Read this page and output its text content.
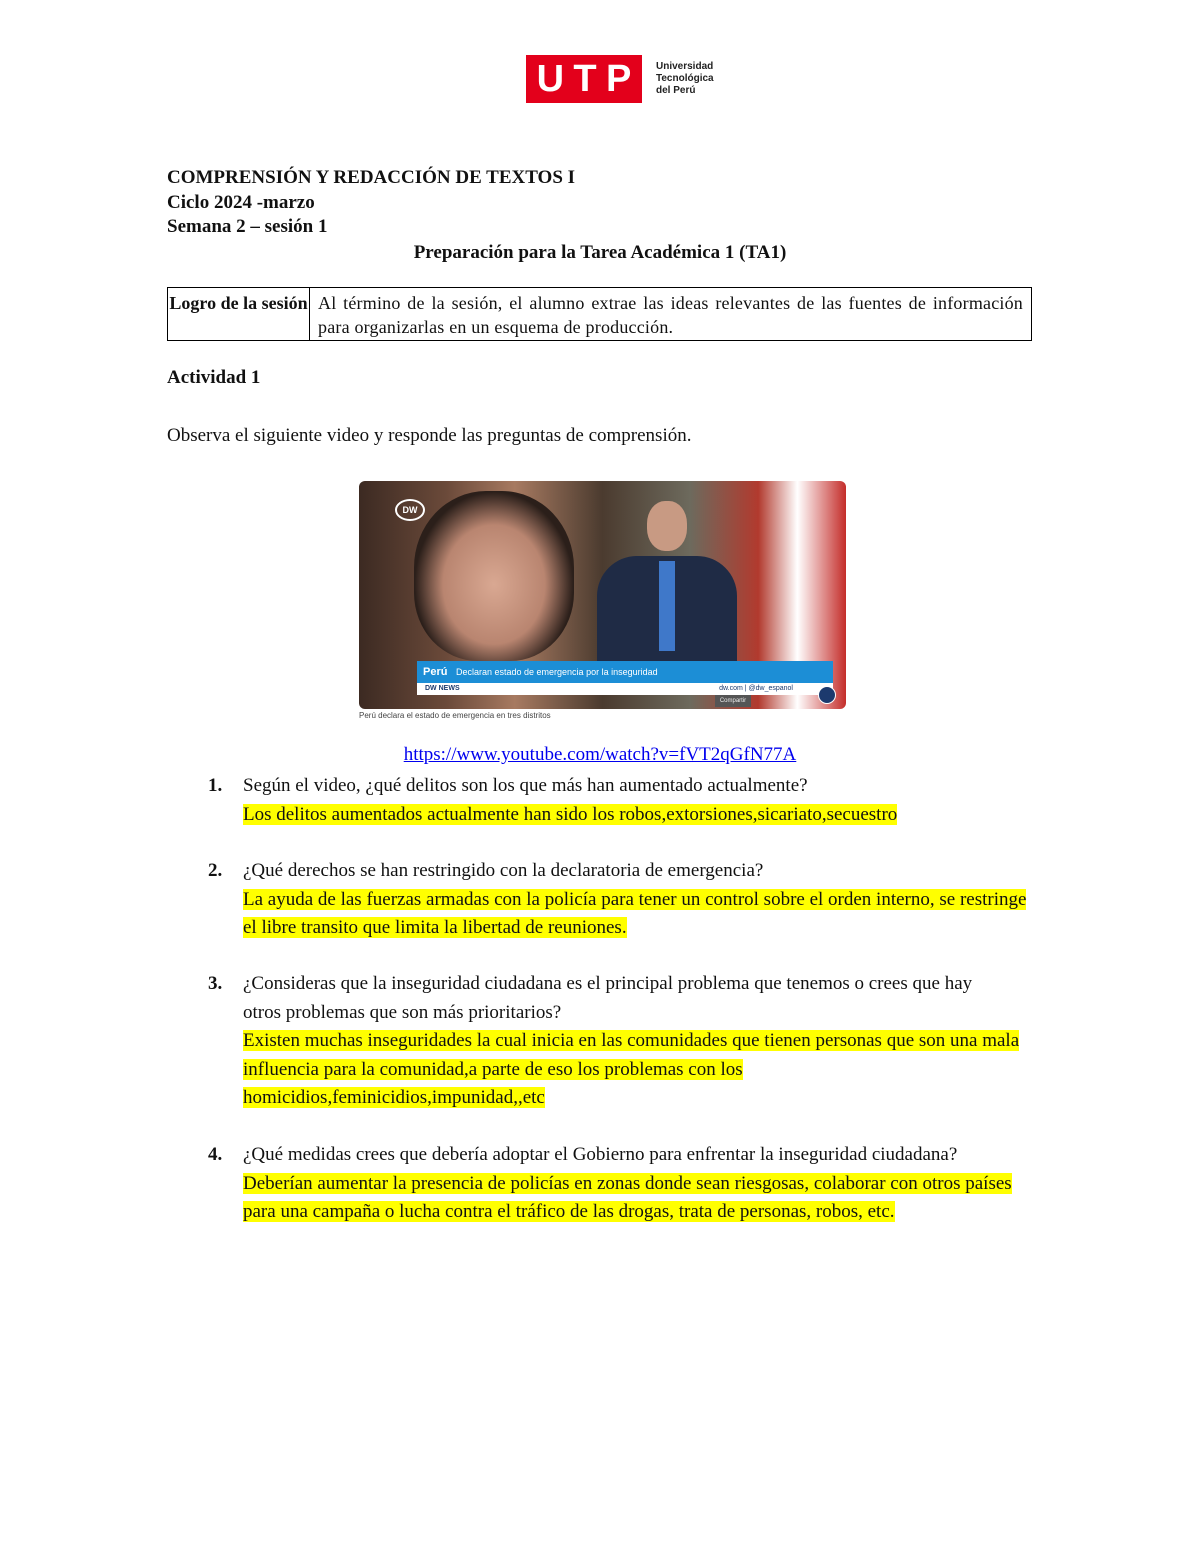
U T P Universidad
Tecnológica
del Perú
COMPRENSIÓN Y REDACCIÓN DE TEXTOS I
Ciclo 2024 -marzo
Semana 2 – sesión 1
Preparación para la Tarea Académica 1 (TA1)
Logro de la sesión Al término de la sesión, el alumno extrae las ideas relevantes de las fuentes de información para organizarlas en un esquema de producción.
Actividad 1
Observa el siguiente video y responde las preguntas de comprensión.
DW
Perú Declaran estado de emergencia por la inseguridad
DW NEWS	dw.com | @dw_espanol
Compartir
Perú declara el estado de emergencia en tres distritos
https://www.youtube.com/watch?v=fVT2qGfN77A
1. Según el video, ¿qué delitos son los que más han aumentado actualmente?
Los delitos aumentados actualmente han sido los robos,extorsiones,sicariato,secuestro
2. ¿Qué derechos se han restringido con la declaratoria de emergencia?
La ayuda de las fuerzas armadas con la policía para tener un control sobre el orden interno, se restringe el libre transito que limita la libertad de reuniones.
3. ¿Consideras que la inseguridad ciudadana es el principal problema que tenemos o crees que hay otros problemas que son más prioritarios?
Existen muchas inseguridades la cual inicia en las comunidades que tienen personas que son una mala influencia para la comunidad,a parte de eso los problemas con los homicidios,feminicidios,impunidad,,etc
4. ¿Qué medidas crees que debería adoptar el Gobierno para enfrentar la inseguridad ciudadana?
Deberían aumentar la presencia de policías en zonas donde sean riesgosas, colaborar con otros países para una campaña o lucha contra el tráfico de las drogas, trata de personas, robos, etc.
